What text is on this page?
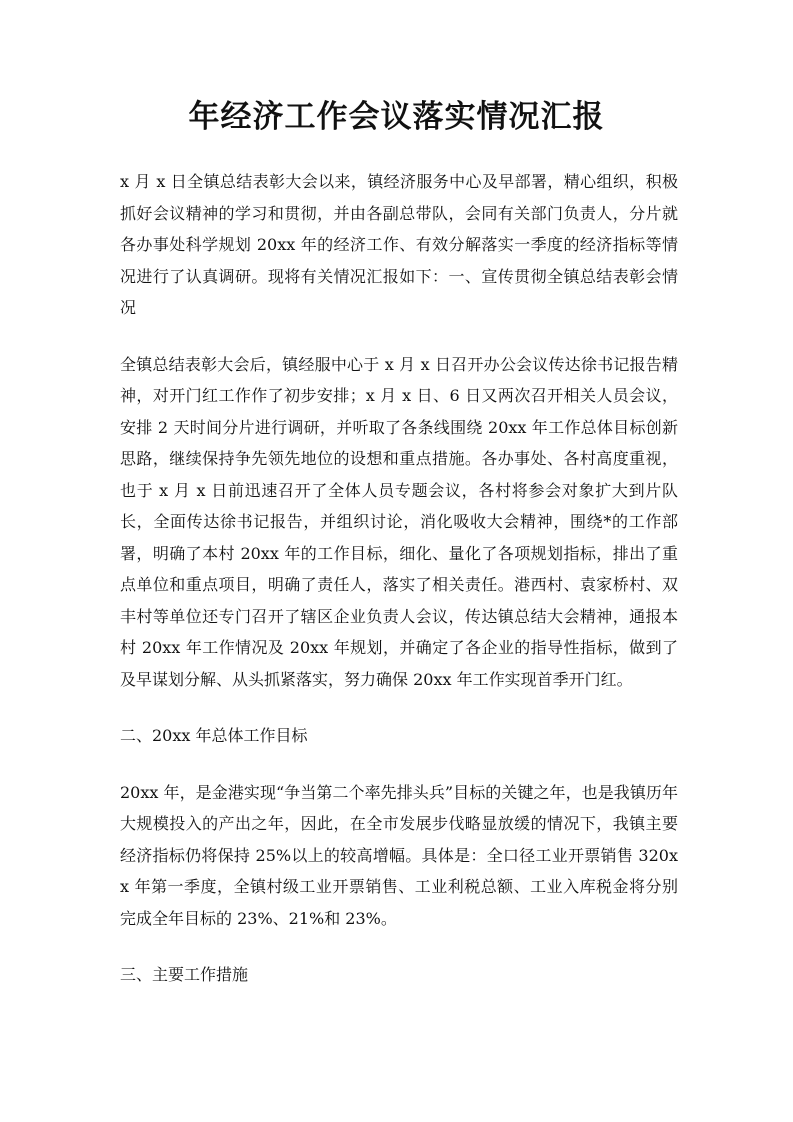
年经济工作会议落实情况汇报

x 月 x 日全镇总结表彰大会以来，镇经济服务中心及早部署，精心组织，积极抓好会议精神的学习和贯彻，并由各副总带队，会同有关部门负责人，分片就各办事处科学规划 20xx 年的经济工作、有效分解落实一季度的经济指标等情况进行了认真调研。现将有关情况汇报如下：一、宣传贯彻全镇总结表彰会情况

全镇总结表彰大会后，镇经服中心于 x 月 x 日召开办公会议传达徐书记报告精神，对开门红工作作了初步安排；x 月 x 日、6 日又两次召开相关人员会议，安排 2 天时间分片进行调研，并听取了各条线围绕 20xx 年工作总体目标创新思路，继续保持争先领先地位的设想和重点措施。各办事处、各村高度重视，也于 x 月 x 日前迅速召开了全体人员专题会议，各村将参会对象扩大到片队长，全面传达徐书记报告，并组织讨论，消化吸收大会精神，围绕*的工作部署，明确了本村 20xx 年的工作目标，细化、量化了各项规划指标，排出了重点单位和重点项目，明确了责任人，落实了相关责任。港西村、袁家桥村、双丰村等单位还专门召开了辖区企业负责人会议，传达镇总结大会精神，通报本村 20xx 年工作情况及 20xx 年规划，并确定了各企业的指导性指标，做到了及早谋划分解、从头抓紧落实，努力确保 20xx 年工作实现首季开门红。

二、20xx 年总体工作目标

20xx 年，是金港实现“争当第二个率先排头兵”目标的关键之年，也是我镇历年大规模投入的产出之年，因此，在全市发展步伐略显放缓的情况下，我镇主要经济指标仍将保持 25%以上的较高增幅。具体是：全口径工业开票销售 320xx 年第一季度，全镇村级工业开票销售、工业利税总额、工业入库税金将分别完成全年目标的 23%、21%和 23%。

三、主要工作措施
